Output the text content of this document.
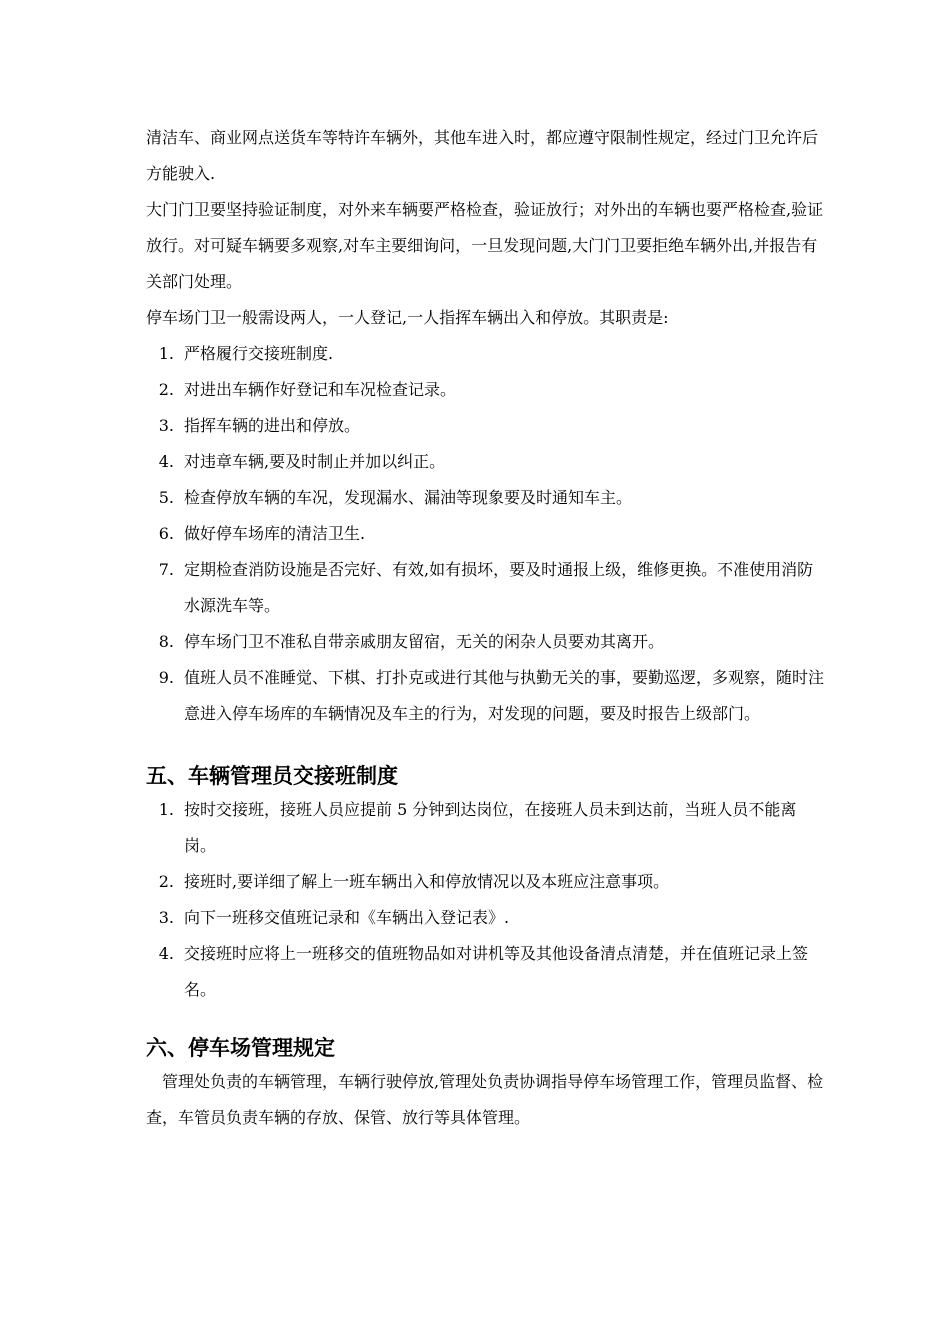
清洁车、商业网点送货车等特许车辆外，其他车进入时，都应遵守限制性规定，经过门卫允许后方能驶入.

大门门卫要坚持验证制度，对外来车辆要严格检查，验证放行；对外出的车辆也要严格检查,验证放行。对可疑车辆要多观察,对车主要细询问，一旦发现问题,大门门卫要拒绝车辆外出,并报告有关部门处理。

停车场门卫一般需设两人，一人登记,一人指挥车辆出入和停放。其职责是:

1. 严格履行交接班制度.
2. 对进出车辆作好登记和车况检查记录。
3. 指挥车辆的进出和停放。
4. 对违章车辆,要及时制止并加以纠正。
5. 检查停放车辆的车况，发现漏水、漏油等现象要及时通知车主。
6. 做好停车场库的清洁卫生.
7. 定期检查消防设施是否完好、有效,如有损坏，要及时通报上级，维修更换。不准使用消防水源洗车等。
8. 停车场门卫不准私自带亲戚朋友留宿，无关的闲杂人员要劝其离开。
9. 值班人员不准睡觉、下棋、打扑克或进行其他与执勤无关的事，要勤巡逻，多观察，随时注意进入停车场库的车辆情况及车主的行为，对发现的问题，要及时报告上级部门。
五、车辆管理员交接班制度
1. 按时交接班，接班人员应提前 5 分钟到达岗位，在接班人员未到达前，当班人员不能离岗。
2. 接班时,要详细了解上一班车辆出入和停放情况以及本班应注意事项。
3. 向下一班移交值班记录和《车辆出入登记表》.
4. 交接班时应将上一班移交的值班物品如对讲机等及其他设备清点清楚，并在值班记录上签名。
六、停车场管理规定

管理处负责的车辆管理，车辆行驶停放,管理处负责协调指导停车场管理工作，管理员监督、检查，车管员负责车辆的存放、保管、放行等具体管理。
